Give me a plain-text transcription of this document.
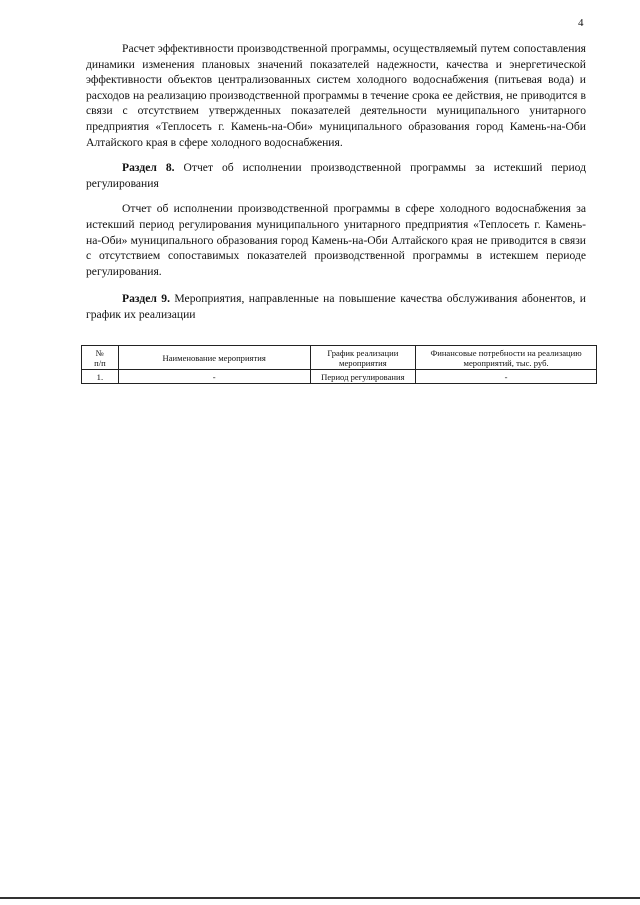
4

Расчет эффективности производственной программы, осуществляемый путем сопоставления динамики изменения плановых значений показателей надежности, качества и энергетической эффективности объектов централизованных систем холодного водоснабжения (питьевая вода) и расходов на реализацию производственной программы в течение срока ее действия, не приводится в связи с отсутствием утвержденных показателей деятельности муниципального унитарного предприятия «Теплосеть г. Камень-на-Оби» муниципального образования город Камень-на-Оби Алтайского края в сфере холодного водоснабжения.

Раздел 8. Отчет об исполнении производственной программы за истекший период регулирования

Отчет об исполнении производственной программы в сфере холодного водоснабжения за истекший период регулирования муниципального унитарного предприятия «Теплосеть г. Камень-на-Оби» муниципального образования город Камень-на-Оби Алтайского края не приводится в связи с отсутствием сопоставимых показателей производственной программы в истекшем периоде регулирования.

Раздел 9. Мероприятия, направленные на повышение качества обслуживания абонентов, и график их реализации

№
п/п	Наименование мероприятия	График реализации мероприятия	Финансовые потребности на реализацию мероприятий, тыс. руб.
1.	-	Период регулирования	-
